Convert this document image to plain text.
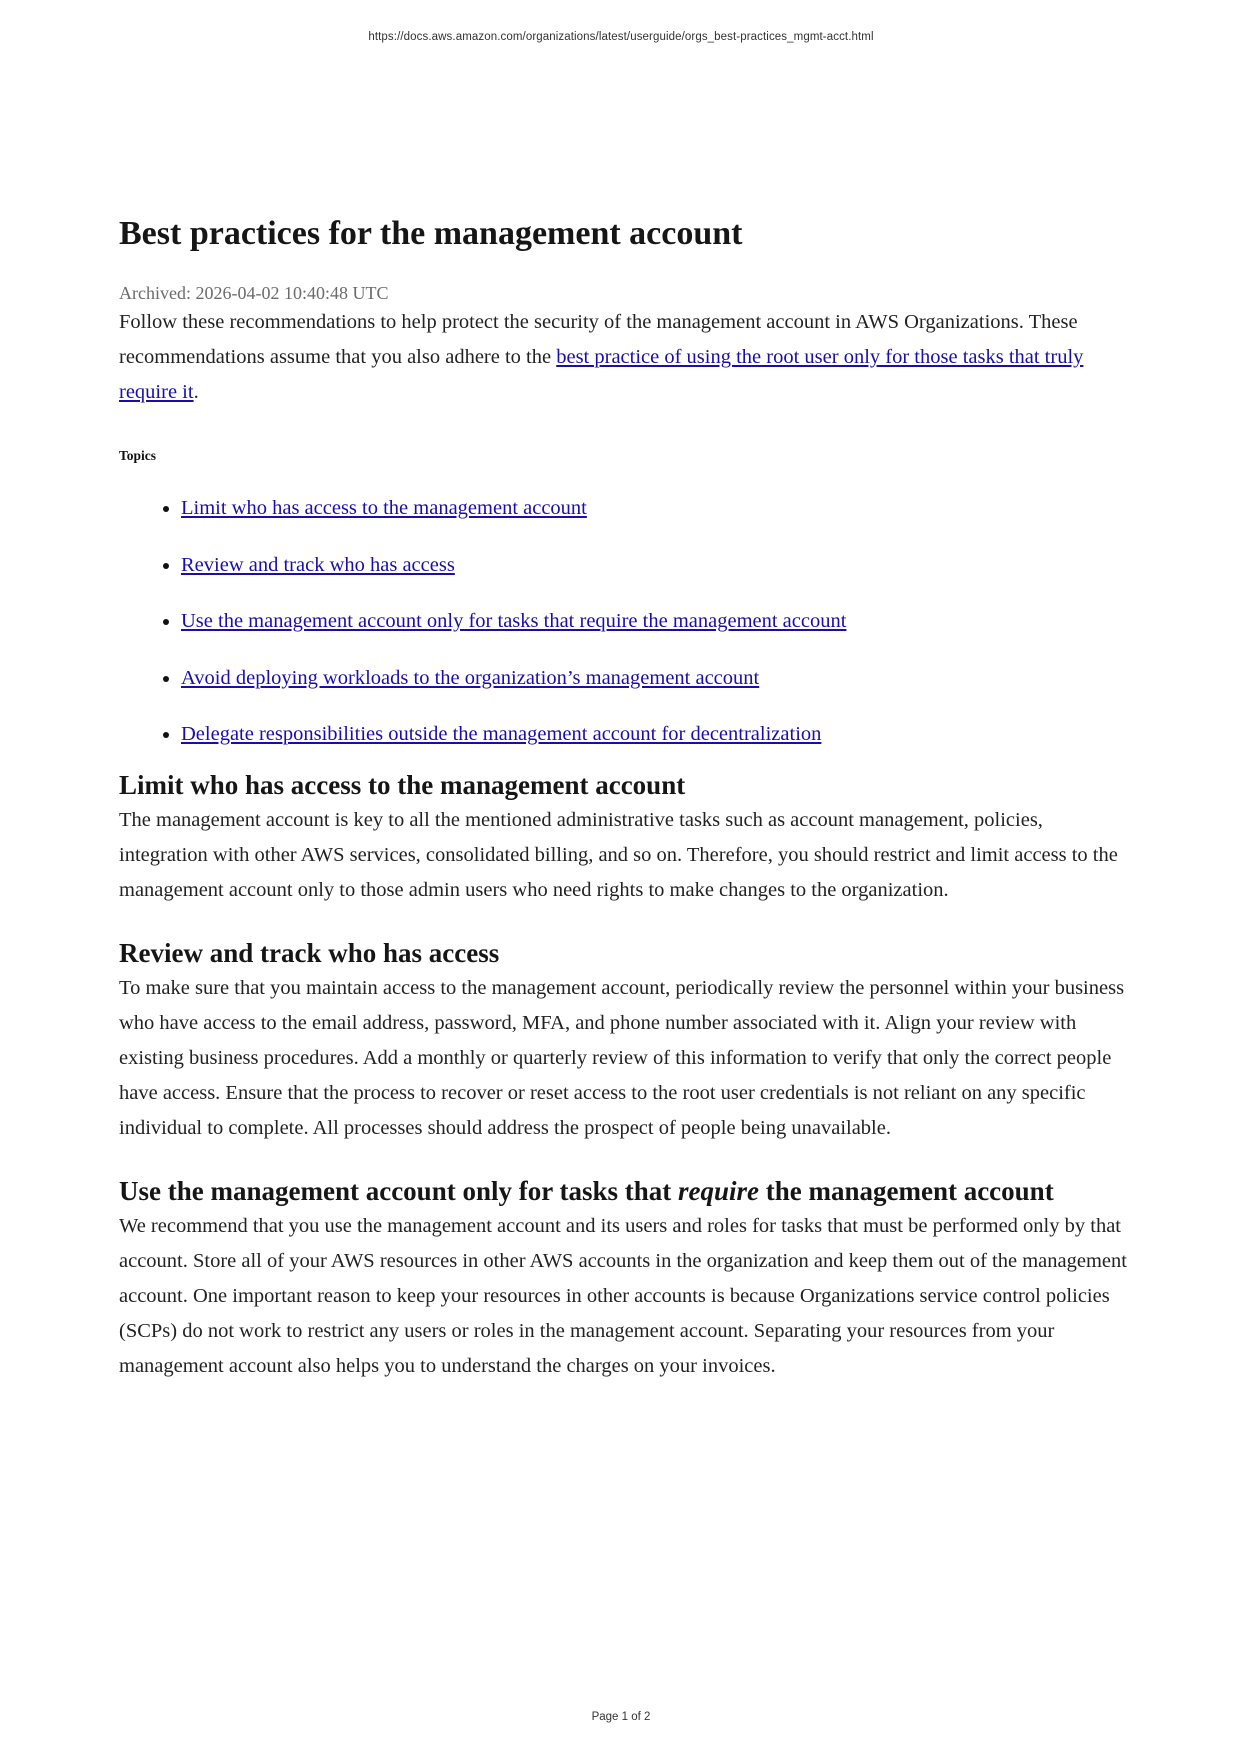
https://docs.aws.amazon.com/organizations/latest/userguide/orgs_best-practices_mgmt-acct.html
Best practices for the management account
Archived: 2026-04-02 10:40:48 UTC

Follow these recommendations to help protect the security of the management account in AWS Organizations. These recommendations assume that you also adhere to the best practice of using the root user only for those tasks that truly require it.

Topics
• Limit who has access to the management account
• Review and track who has access
• Use the management account only for tasks that require the management account
• Avoid deploying workloads to the organization’s management account
• Delegate responsibilities outside the management account for decentralization
Limit who has access to the management account

The management account is key to all the mentioned administrative tasks such as account management, policies, integration with other AWS services, consolidated billing, and so on. Therefore, you should restrict and limit access to the management account only to those admin users who need rights to make changes to the organization.

Review and track who has access

To make sure that you maintain access to the management account, periodically review the personnel within your business who have access to the email address, password, MFA, and phone number associated with it. Align your review with existing business procedures. Add a monthly or quarterly review of this information to verify that only the correct people have access. Ensure that the process to recover or reset access to the root user credentials is not reliant on any specific individual to complete. All processes should address the prospect of people being unavailable.

Use the management account only for tasks that require the management account

We recommend that you use the management account and its users and roles for tasks that must be performed only by that account. Store all of your AWS resources in other AWS accounts in the organization and keep them out of the management account. One important reason to keep your resources in other accounts is because Organizations service control policies (SCPs) do not work to restrict any users or roles in the management account. Separating your resources from your management account also helps you to understand the charges on your invoices.

Page 1 of 2
